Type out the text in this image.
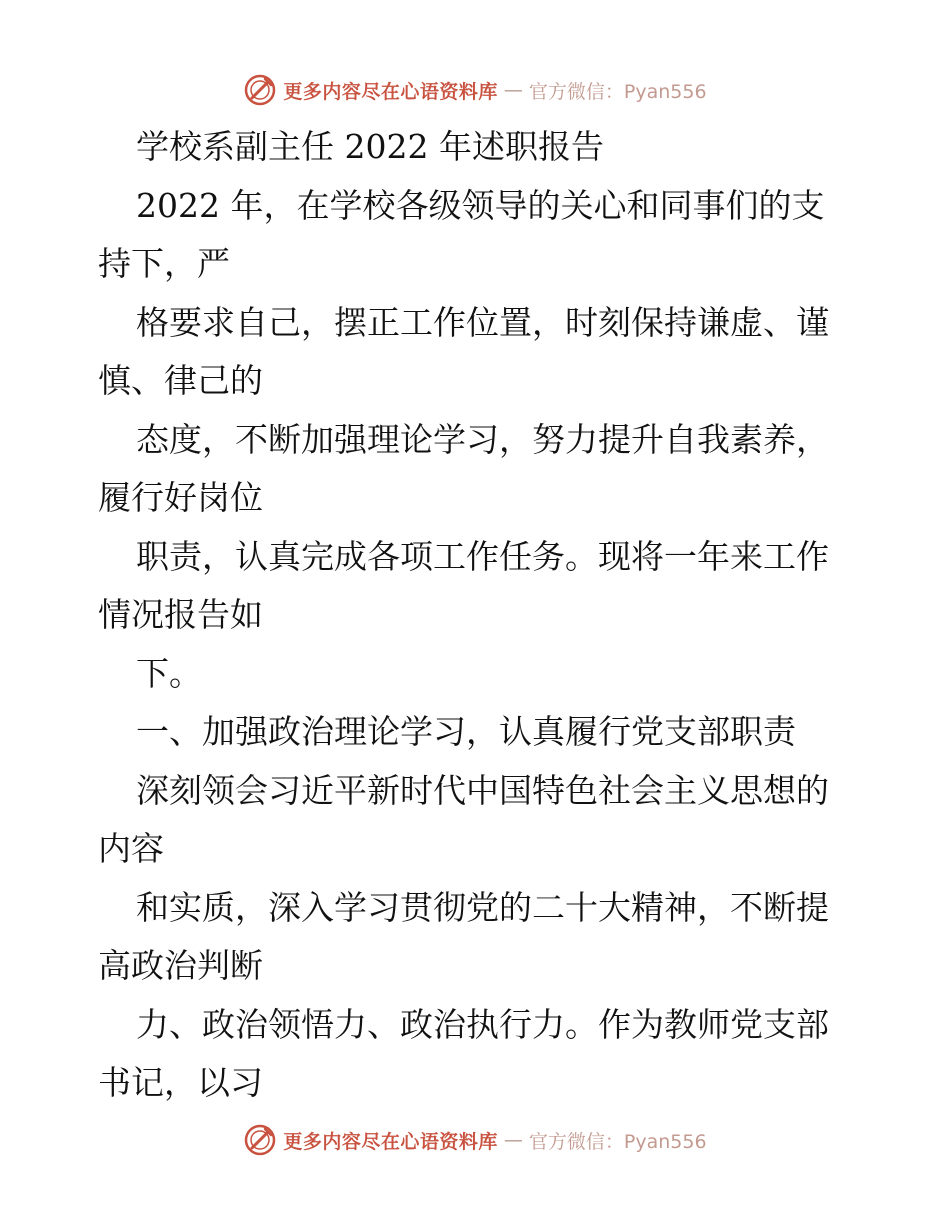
更多内容尽在心语资料库 — 官方微信：Pyan556
学校系副主任 2022 年述职报告
2022 年，在学校各级领导的关心和同事们的支
持下，严
格要求自己，摆正工作位置，时刻保持谦虚、谨
慎、律己的
态度，不断加强理论学习，努力提升自我素养，
履行好岗位
职责，认真完成各项工作任务。现将一年来工作
情况报告如
下。
一、加强政治理论学习，认真履行党支部职责
深刻领会习近平新时代中国特色社会主义思想的
内容
和实质，深入学习贯彻党的二十大精神，不断提
高政治判断
力、政治领悟力、政治执行力。作为教师党支部
书记，以习
更多内容尽在心语资料库 — 官方微信：Pyan556
